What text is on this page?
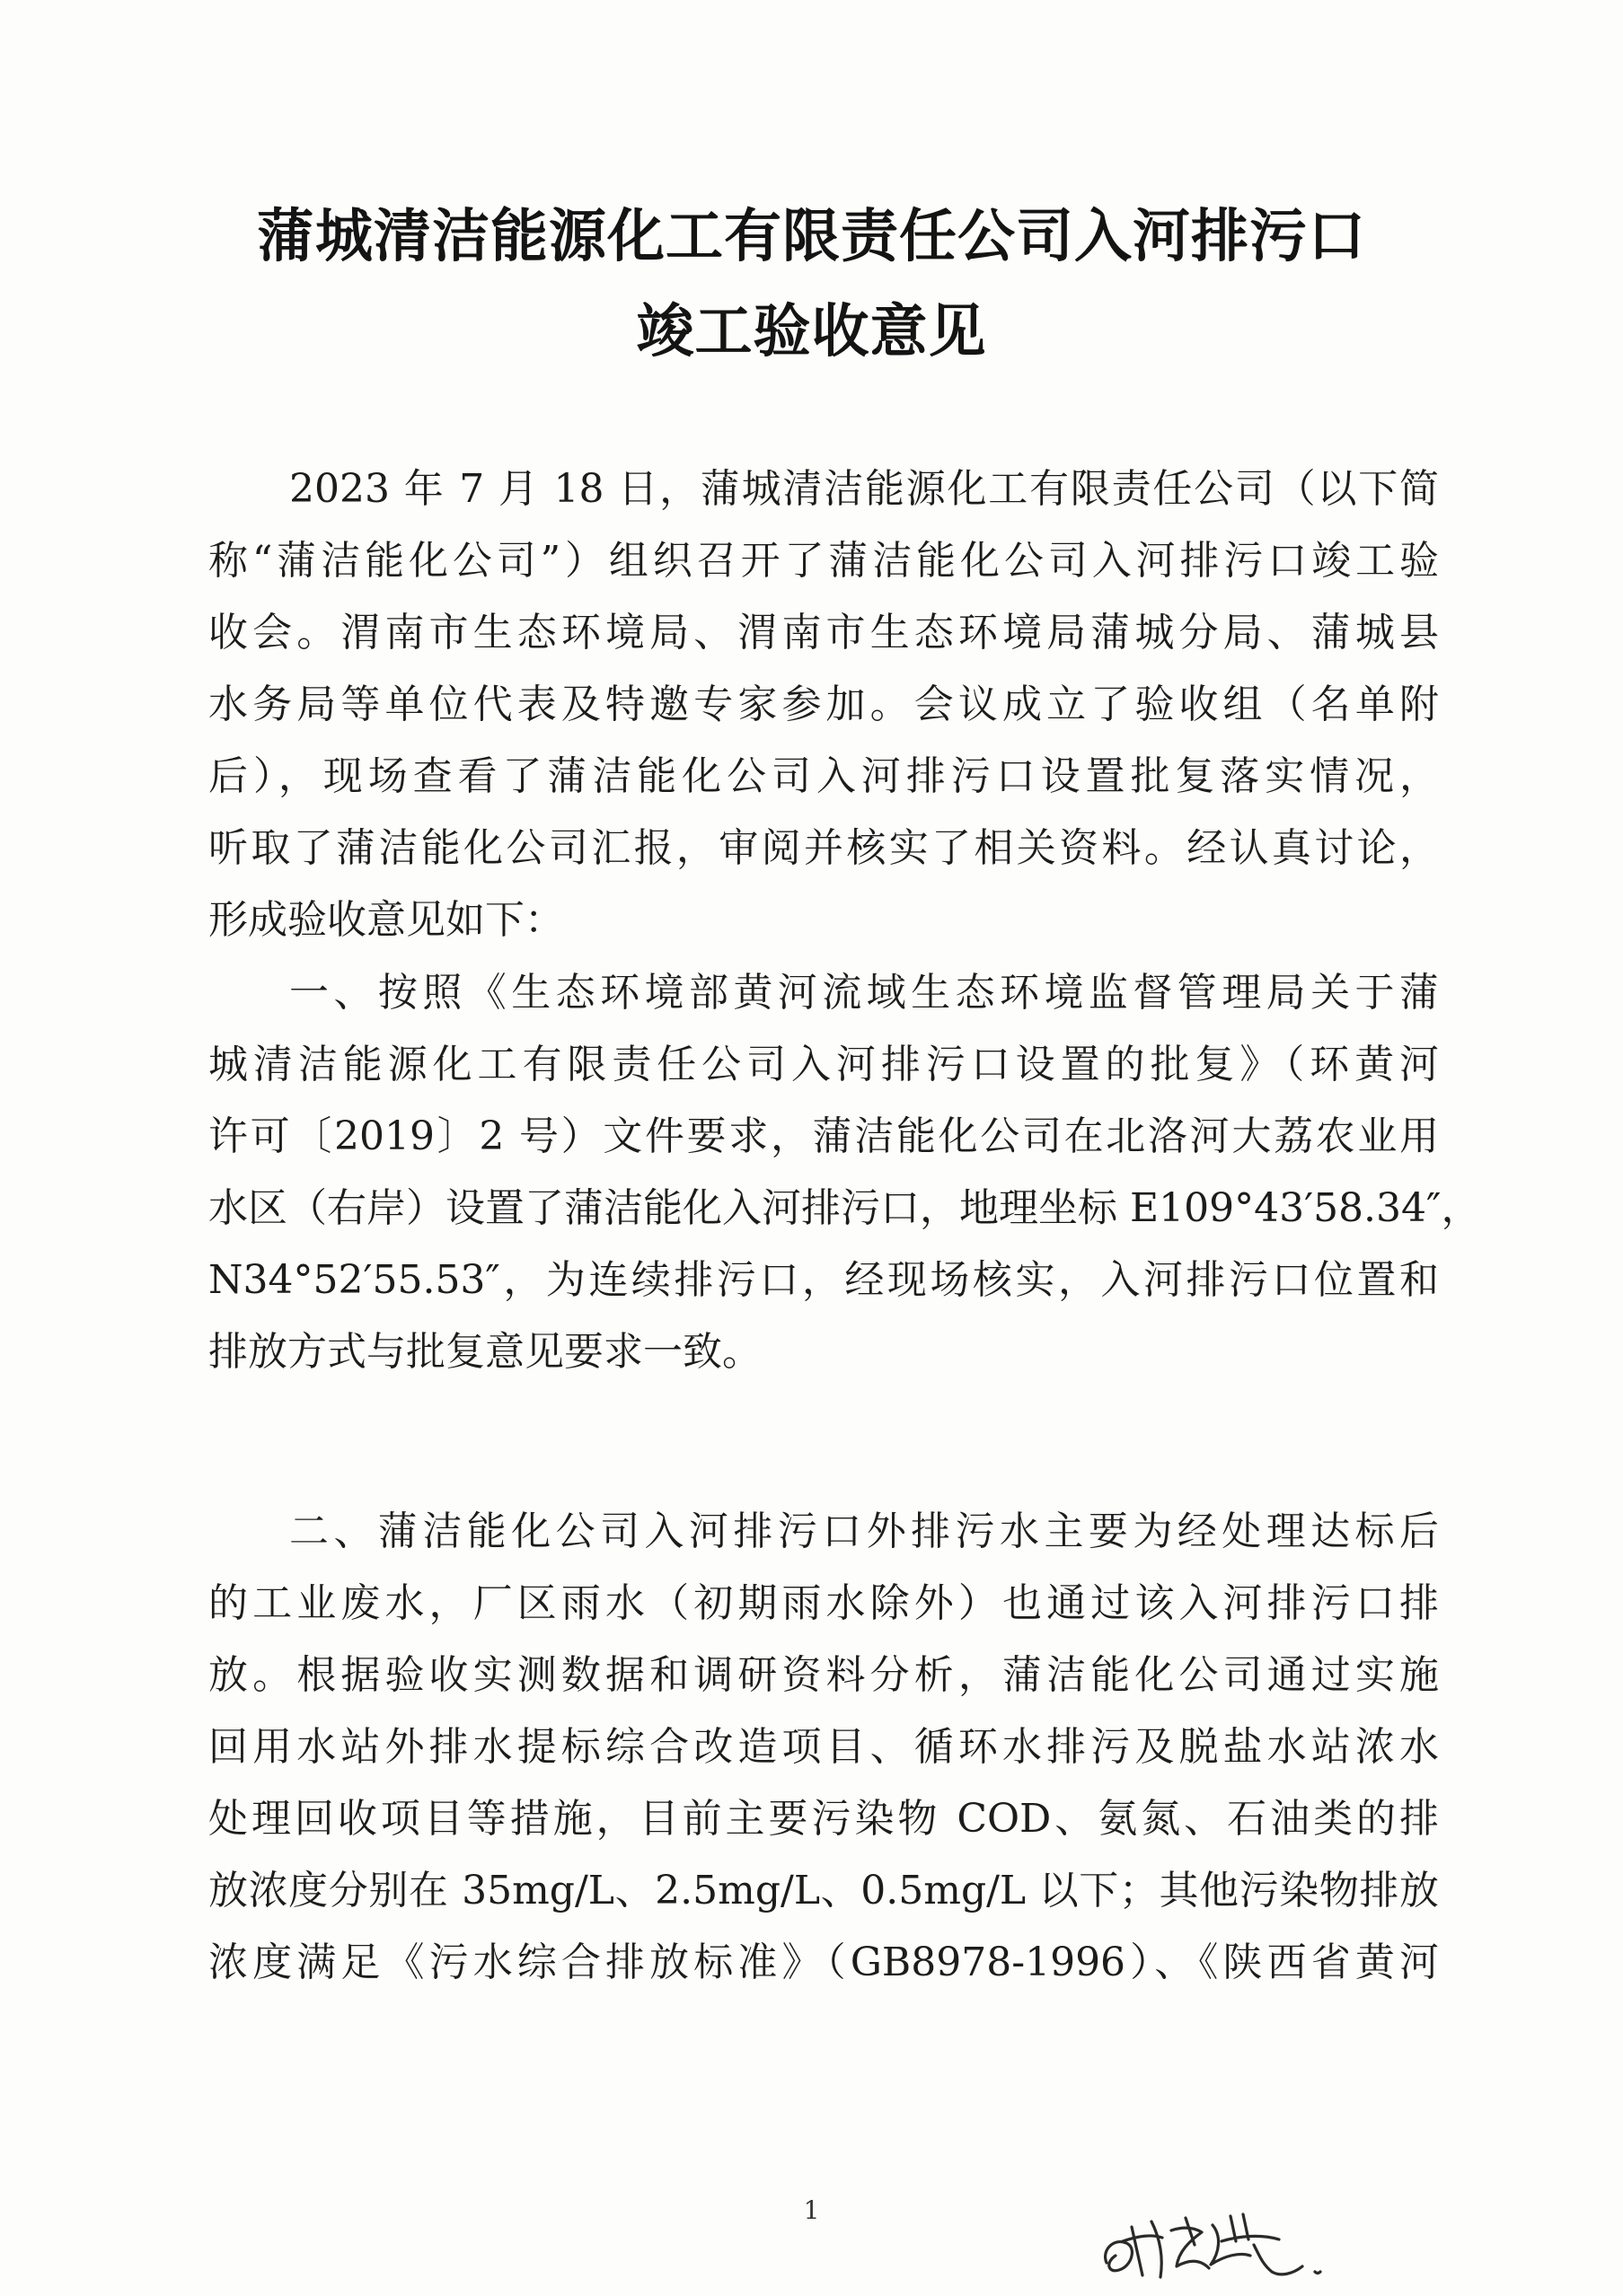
蒲城清洁能源化工有限责任公司入河排污口
竣工验收意见
2023 年 7 月 18 日，蒲城清洁能源化工有限责任公司（以下简
称“蒲洁能化公司”）组织召开了蒲洁能化公司入河排污口竣工验
收会。渭南市生态环境局、渭南市生态环境局蒲城分局、蒲城县
水务局等单位代表及特邀专家参加。会议成立了验收组（名单附
后），现场查看了蒲洁能化公司入河排污口设置批复落实情况，
听取了蒲洁能化公司汇报，审阅并核实了相关资料。经认真讨论，
形成验收意见如下：
一、按照《生态环境部黄河流域生态环境监督管理局关于蒲
城清洁能源化工有限责任公司入河排污口设置的批复》（环黄河
许可〔2019〕2 号）文件要求，蒲洁能化公司在北洛河大荔农业用
水区（右岸）设置了蒲洁能化入河排污口，地理坐标 E109°43′58.34″，
N34°52′55.53″，为连续排污口，经现场核实，入河排污口位置和
排放方式与批复意见要求一致。
二、蒲洁能化公司入河排污口外排污水主要为经处理达标后
的工业废水，厂区雨水（初期雨水除外）也通过该入河排污口排
放。根据验收实测数据和调研资料分析，蒲洁能化公司通过实施
回用水站外排水提标综合改造项目、循环水排污及脱盐水站浓水
处理回收项目等措施，目前主要污染物 COD、氨氮、石油类的排
放浓度分别在 35mg/L、2.5mg/L、0.5mg/L 以下；其他污染物排放
浓度满足《污水综合排放标准》（GB8978-1996）、《陕西省黄河
1
